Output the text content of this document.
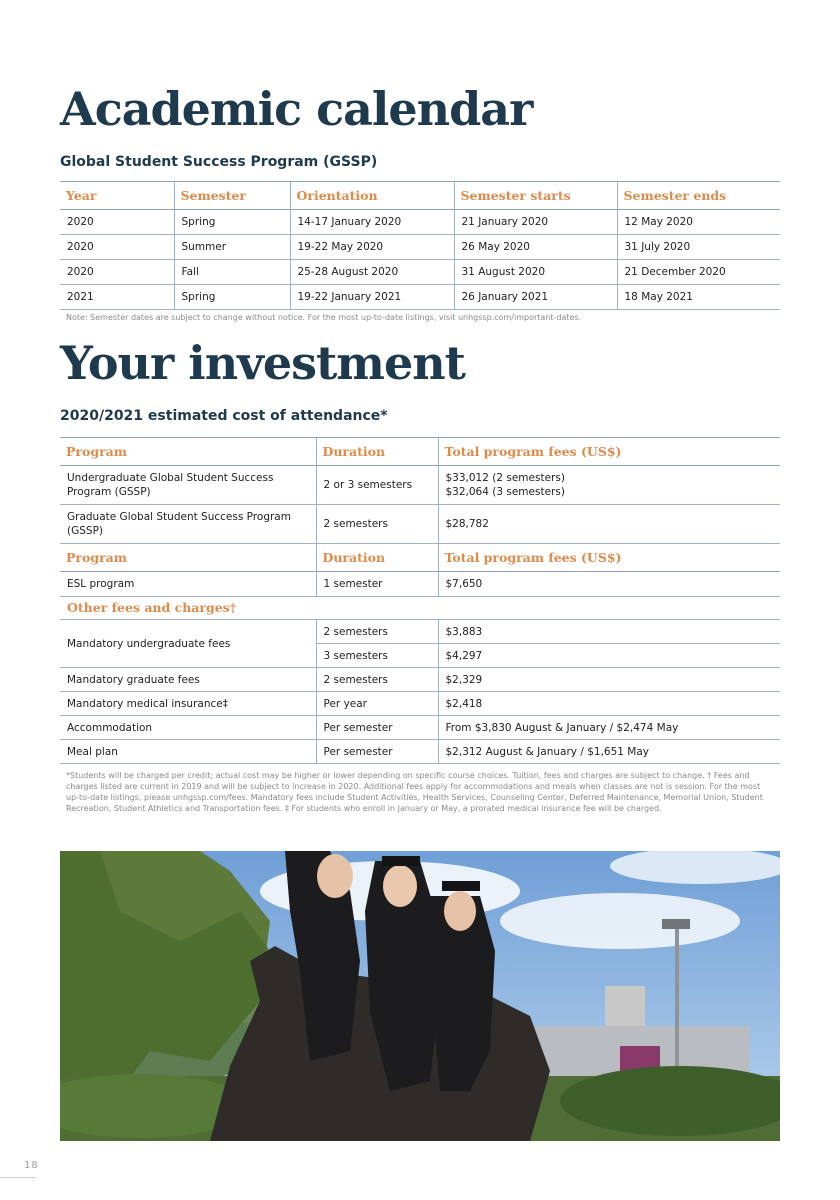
Academic calendar
Global Student Success Program (GSSP)
Year	Semester	Orientation	Semester starts	Semester ends
2020	Spring	14-17 January 2020	21 January 2020	12 May 2020
2020	Summer	19-22 May 2020	26 May 2020	31 July 2020
2020	Fall	25-28 August 2020	31 August 2020	21 December 2020
2021	Spring	19-22 January 2021	26 January 2021	18 May 2021

Note: Semester dates are subject to change without notice. For the most up-to-date listings, visit unhgssp.com/important-dates.

Your investment
2020/2021 estimated cost of attendance*
Program	Duration	Total program fees (US$)
Undergraduate Global Student Success Program (GSSP)	2 or 3 semesters	$33,012 (2 semesters)
$32,064 (3 semesters)

Graduate Global Student Success Program (GSSP)	2 semesters	$28,782
Program	Duration	Total program fees (US$)
ESL program	1 semester	$7,650
Other fees and charges†		
Mandatory undergraduate fees	2 semesters	$3,883
	3 semesters	$4,297
Mandatory graduate fees	2 semesters	$2,329
Mandatory medical insurance‡	Per year	$2,418
Accommodation	Per semester	From $3,830 August & January / $2,474 May
Meal plan	Per semester	$2,312 August & January / $1,651 May

*Students will be charged per credit; actual cost may be higher or lower depending on specific course choices. Tuition, fees and charges are subject to change. † Fees and charges listed are current in 2019 and will be subject to increase in 2020. Additional fees apply for accommodations and meals when classes are not is session. For the most up-to-date listings, please unhgssp.com/fees. Mandatory fees include Student Activities, Health Services, Counseling Center, Deferred Maintenance, Memorial Union, Student Recreation, Student Athletics and Transportation fees. ‡ For students who enroll in January or May, a prorated medical insurance fee will be charged.

18
